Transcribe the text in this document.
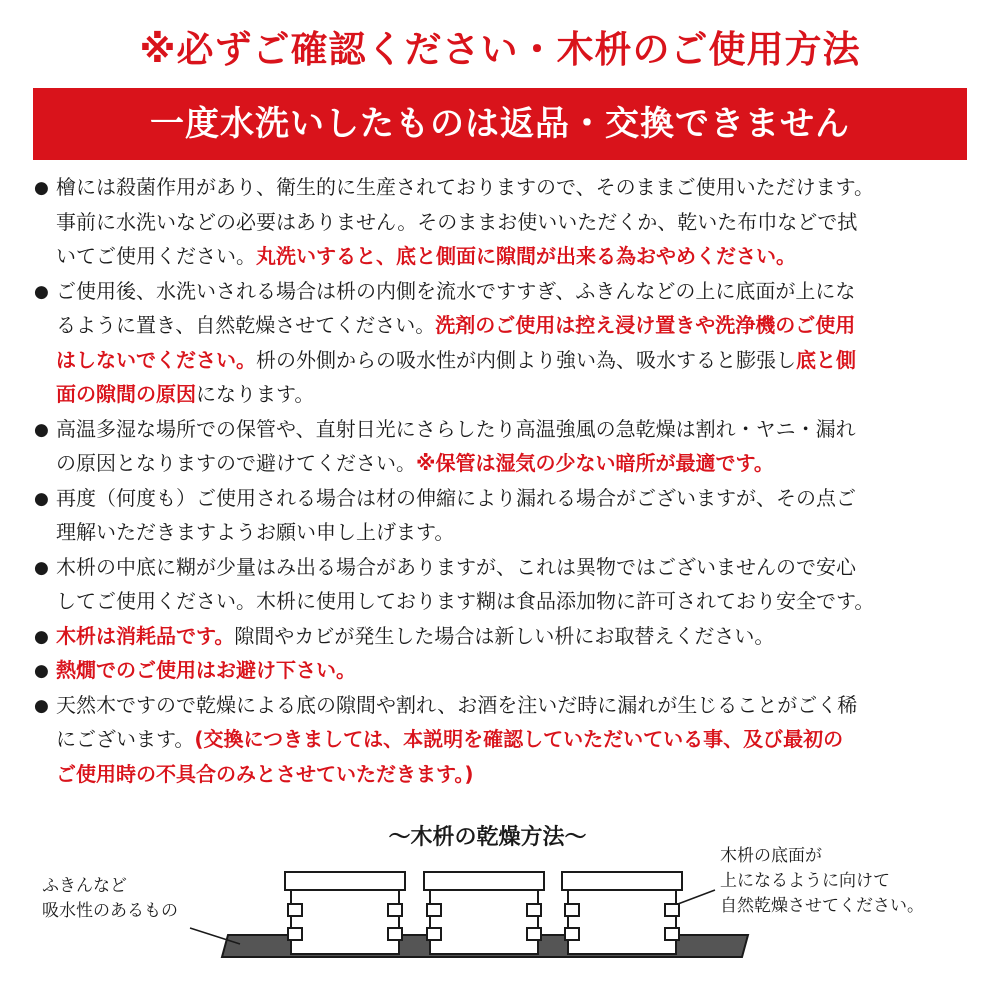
※必ずご確認ください・木枡のご使用方法
一度水洗いしたものは返品・交換できません
● 檜には殺菌作用があり、衛生的に生産されておりますので、そのままご使用いただけます。
事前に水洗いなどの必要はありません。そのままお使いいただくか、乾いた布巾などで拭
いてご使用ください。丸洗いすると、底と側面に隙間が出来る為おやめください。
● ご使用後、水洗いされる場合は枡の内側を流水ですすぎ、ふきんなどの上に底面が上にな
るように置き、自然乾燥させてください。洗剤のご使用は控え浸け置きや洗浄機のご使用
はしないでください。枡の外側からの吸水性が内側より強い為、吸水すると膨張し底と側
面の隙間の原因になります。
● 高温多湿な場所での保管や、直射日光にさらしたり高温強風の急乾燥は割れ・ヤニ・漏れ
の原因となりますので避けてください。※保管は湿気の少ない暗所が最適です。
● 再度（何度も）ご使用される場合は材の伸縮により漏れる場合がございますが、その点ご
理解いただきますようお願い申し上げます。
● 木枡の中底に糊が少量はみ出る場合がありますが、これは異物ではございませんので安心
してご使用ください。木枡に使用しております糊は食品添加物に許可されており安全です。
● 木枡は消耗品です。隙間やカビが発生した場合は新しい枡にお取替えください。
● 熱燗でのご使用はお避け下さい。
● 天然木ですので乾燥による底の隙間や割れ、お酒を注いだ時に漏れが生じることがごく稀
にございます。(交換につきましては、本説明を確認していただいている事、及び最初の
ご使用時の不具合のみとさせていただきます。)
〜木枡の乾燥方法〜
ふきんなど
吸水性のあるもの
木枡の底面が
上になるように向けて
自然乾燥させてください。
